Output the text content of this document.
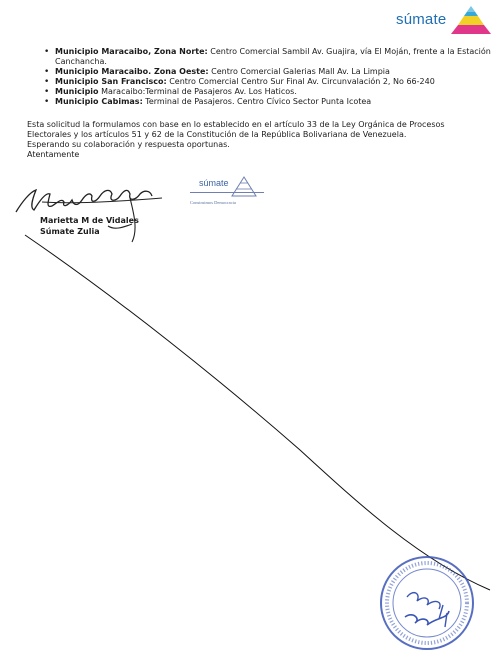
súmate
• Municipio Maracaibo, Zona Norte: Centro Comercial Sambil Av. Guajira, vía El Moján, frente a la Estación Canchancha.
• Municipio Maracaibo. Zona Oeste: Centro Comercial Galerias Mall Av. La Limpia
• Municipio San Francisco: Centro Comercial Centro Sur Final Av. Circunvalación 2, No 66-240
• Municipio Maracaibo:Terminal de Pasajeros Av. Los Haticos.
• Municipio Cabimas: Terminal de Pasajeros. Centro Cívico Sector Punta Icotea

Esta solicitud la formulamos con base en lo establecido en el artículo 33 de la Ley Orgánica de Procesos Electorales y los artículos 51 y 62 de la Constitución de la República Bolivariana de Venezuela.

Esperando su colaboración y respuesta oportunas.

Atentamente

Marietta M de Vidales
Súmate Zulia
súmate
Construimos Democracia
